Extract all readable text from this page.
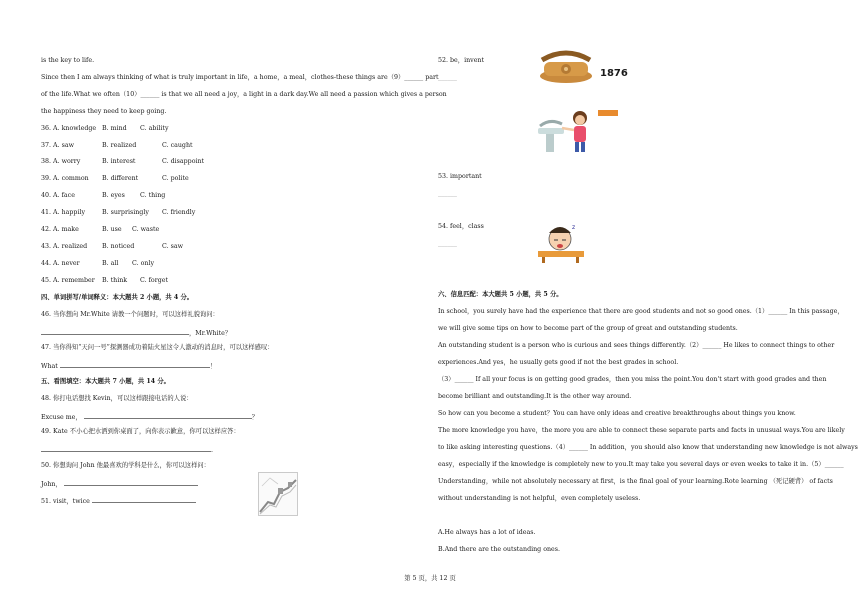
is the key to life.
Since then I am always thinking of what is truly important in life，a home，a meal，clothes-these things are（9）______ part
of the life.What we often（10）______ is that we all need a joy，a light in a dark day.We all need a passion which gives a person
the happiness they need to keep going.
36. A. knowledge B. mind C. ability
37. A. saw	B. realized	C. caught
38. A. worry	B. interest	C. disappoint
39. A. common B. different	C. polite
40. A. face	B. eyes C. thing
41. A. happily	B. surprisingly C. friendly
42. A. make	B. use C. waste
43. A. realized B. noticed	C. saw
44. A. never	B. all C. only
45. A. remember B. think C. forget
四、单词拼写/单词释义：本大题共 2 小题，共 4 分。
46. 当你想向 Mr.White 请教一个问题时，可以这样礼貌询问：
，Mr.White？
47. 当你得知“天问一号”探测器成功着陆火星这令人激动的消息时，可以这样感叹：
What	！
五、看图填空：本大题共 7 小题，共 14 分。
48. 你打电话想找 Kevin，可以这样跟接电话的人说：
Excuse me，	？
49. Kate 不小心把水洒到你桌面了，向你表示歉意，你可以这样应答：
.
50. 你想询问 John 他最喜欢的学科是什么，你可以这样问：
John，
51. visit，twice
52. be，invent
______	1876
53. important
______
54. feel，class
______
z
六、信息匹配：本大题共 5 小题，共 5 分。
In school，you surely have had the experience that there are good students and not so good ones.（1）______ In this passage，
we will give some tips on how to become part of the group of great and outstanding students.
An outstanding student is a person who is curious and sees things differently.（2）______ He likes to connect things to other
experiences.And yes，he usually gets good if not the best grades in school.
（3）______ If all your focus is on getting good grades，then you miss the point.You don't start with good grades and then
become brilliant and outstanding.It is the other way around.
So how can you become a student？You can have only ideas and creative breakthroughs about things you know.
The more knowledge you have，the more you are able to connect these separate parts and facts in unusual ways.You are likely
to like asking interesting questions.（4）______ In addition，you should also know that understanding new knowledge is not always
easy，especially if the knowledge is completely new to you.It may take you several days or even weeks to take it in.（5）______
Understanding，while not absolutely necessary at first，is the final goal of your learning.Rote learning （死记硬背） of facts
without understanding is not helpful，even completely useless.
A.He always has a lot of ideas.
B.And there are the outstanding ones.
第 5 页，共 12 页
